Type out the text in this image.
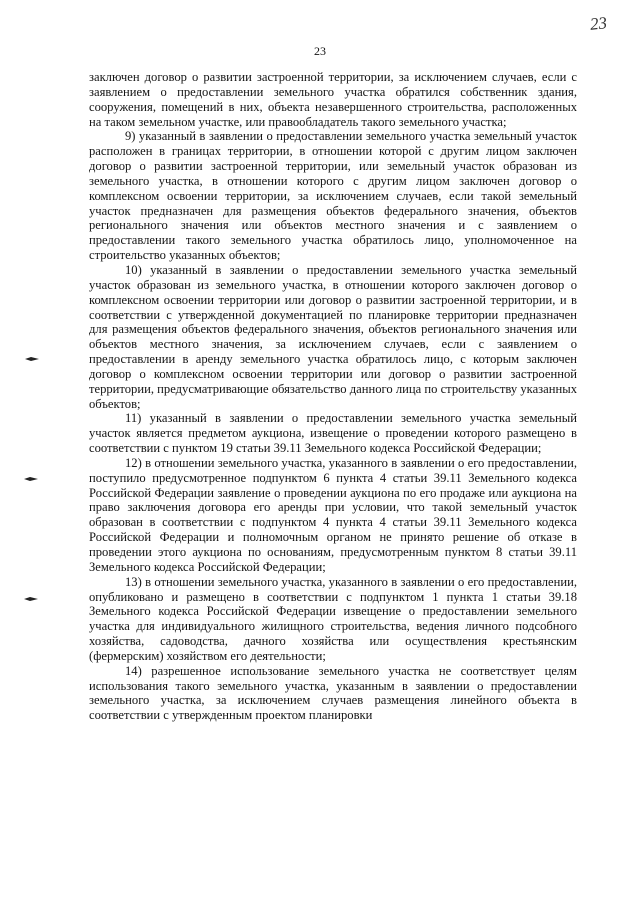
23
23

заключен договор о развитии застроенной территории, за исключением случаев, если с заявлением о предоставлении земельного участка обратился собственник здания, сооружения, помещений в них, объекта незавершенного строительства, расположенных на таком земельном участке, или правообладатель такого земельного участка;

9) указанный в заявлении о предоставлении земельного участка земельный участок расположен в границах территории, в отношении которой с другим лицом заключен договор о развитии застроенной территории, или земельный участок образован из земельного участка, в отношении которого с другим лицом заключен договор о комплексном освоении территории, за исключением случаев, если такой земельный участок предназначен для размещения объектов федерального значения, объектов регионального значения или объектов местного значения и с заявлением о предоставлении такого земельного участка обратилось лицо, уполномоченное на строительство указанных объектов;

10) указанный в заявлении о предоставлении земельного участка земельный участок образован из земельного участка, в отношении которого заключен договор о комплексном освоении территории или договор о развитии застроенной территории, и в соответствии с утвержденной документацией по планировке территории предназначен для размещения объектов федерального значения, объектов регионального значения или объектов местного значения, за исключением случаев, если с заявлением о предоставлении в аренду земельного участка обратилось лицо, с которым заключен договор о комплексном освоении территории или договор о развитии застроенной территории, предусматривающие обязательство данного лица по строительству указанных объектов;

11) указанный в заявлении о предоставлении земельного участка земельный участок является предметом аукциона, извещение о проведении которого размещено в соответствии с пунктом 19 статьи 39.11 Земельного кодекса Российской Федерации;

12) в отношении земельного участка, указанного в заявлении о его предоставлении, поступило предусмотренное подпунктом 6 пункта 4 статьи 39.11 Земельного кодекса Российской Федерации заявление о проведении аукциона по его продаже или аукциона на право заключения договора его аренды при условии, что такой земельный участок образован в соответствии с подпунктом 4 пункта 4 статьи 39.11 Земельного кодекса Российской Федерации и полномочным органом не принято решение об отказе в проведении этого аукциона по основаниям, предусмотренным пунктом 8 статьи 39.11 Земельного кодекса Российской Федерации;

13) в отношении земельного участка, указанного в заявлении о его предоставлении, опубликовано и размещено в соответствии с подпунктом 1 пункта 1 статьи 39.18 Земельного кодекса Российской Федерации извещение о предоставлении земельного участка для индивидуального жилищного строительства, ведения личного подсобного хозяйства, садоводства, дачного хозяйства или осуществления крестьянским (фермерским) хозяйством его деятельности;

14) разрешенное использование земельного участка не соответствует целям использования такого земельного участка, указанным в заявлении о предоставлении земельного участка, за исключением случаев размещения линейного объекта в соответствии с утвержденным проектом планировки
